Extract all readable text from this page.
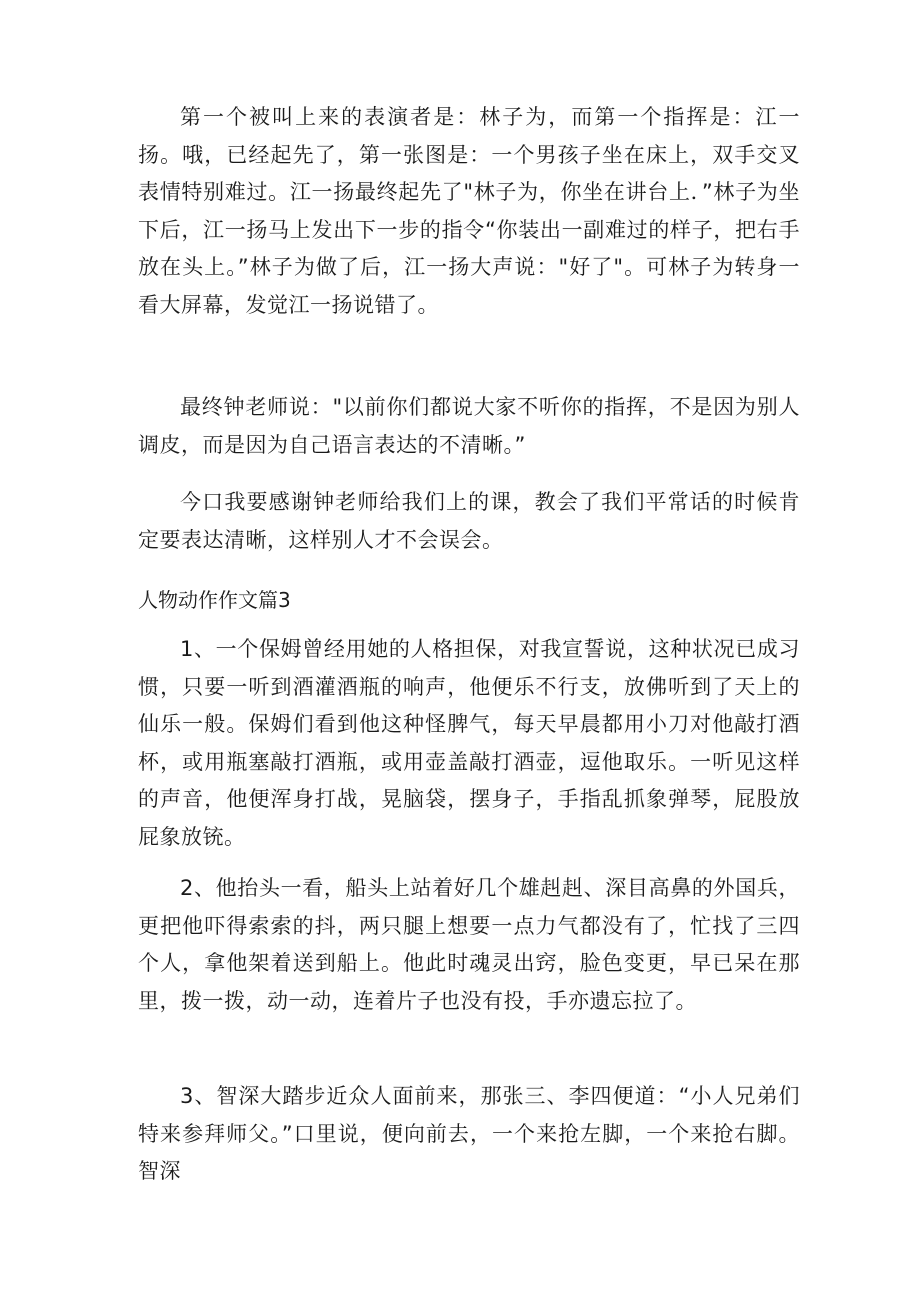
第一个被叫上来的表演者是：林子为，而第一个指挥是：江一扬。哦，已经起先了，第一张图是：一个男孩子坐在床上，双手交叉表情特别难过。江一扬最终起先了"林子为，你坐在讲台上．”林子为坐下后，江一扬马上发出下一步的指令“你装出一副难过的样子，把右手放在头上。”林子为做了后，江一扬大声说："好了"。可林子为转身一看大屏幕，发觉江一扬说错了。

最终钟老师说："以前你们都说大家不听你的指挥，不是因为别人调皮，而是因为自己语言表达的不清晰。”

今口我要感谢钟老师给我们上的课，教会了我们平常话的时候肯定要表达清晰，这样别人才不会误会。

人物动作作文篇3

1、一个保姆曾经用她的人格担保，对我宣誓说，这种状况已成习惯，只要一听到酒灌酒瓶的响声，他便乐不行支，放佛听到了天上的仙乐一般。保姆们看到他这种怪脾气，每天早晨都用小刀对他敲打酒杯，或用瓶塞敲打酒瓶，或用壶盖敲打酒壶，逗他取乐。一听见这样的声音，他便浑身打战，晃脑袋，摆身子，手指乱抓象弹琴，屁股放屁象放铳。

2、他抬头一看，船头上站着好几个雄赳赳、深目高鼻的外国兵，更把他吓得索索的抖，两只腿上想要一点力气都没有了，忙找了三四个人，拿他架着送到船上。他此时魂灵出窍，脸色变更，早已呆在那里，拨一拨，动一动，连着片子也没有投，手亦遗忘拉了。

3、智深大踏步近众人面前来，那张三、李四便道：“小人兄弟们特来参拜师父。”口里说，便向前去，一个来抢左脚，一个来抢右脚。智深
